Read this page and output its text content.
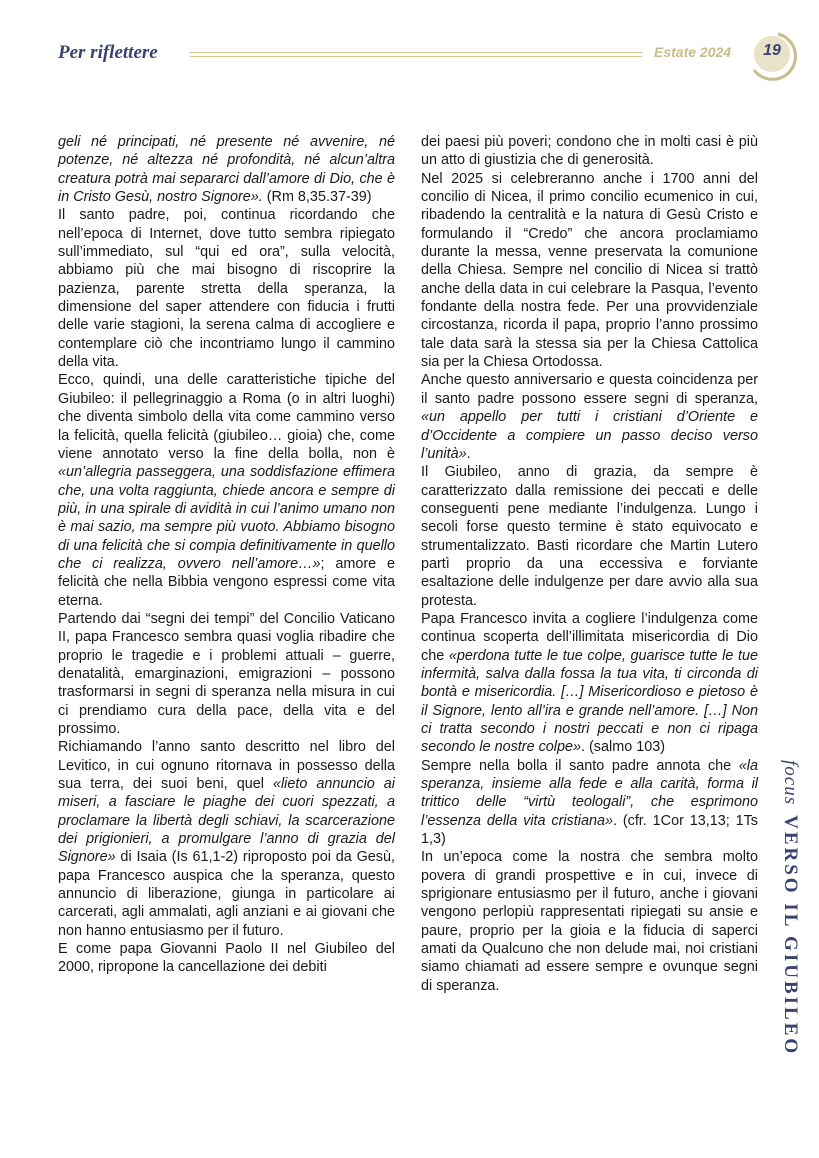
Per riflettere	Estate 2024	19

geli né principati, né presente né avvenire, né potenze, né altezza né profondità, né alcun’altra creatura potrà mai separarci dall’amore di Dio, che è in Cristo Gesù, nostro Signore». (Rm 8,35.37-39)

Il santo padre, poi, continua ricordando che nell’epoca di Internet, dove tutto sembra ripiegato sull’immediato, sul “qui ed ora”, sulla velocità, abbiamo più che mai bisogno di riscoprire la pazienza, parente stretta della speranza, la dimensione del saper attendere con fiducia i frutti delle varie stagioni, la serena calma di accogliere e contemplare ciò che incontriamo lungo il cammino della vita.

Ecco, quindi, una delle caratteristiche tipiche del Giubileo: il pellegrinaggio a Roma (o in altri luoghi) che diventa simbolo della vita come cammino verso la felicità, quella felicità (giubileo… gioia) che, come viene annotato verso la fine della bolla, non è «un’allegria passeggera, una soddisfazione effimera che, una volta raggiunta, chiede ancora e sempre di più, in una spirale di avidità in cui l’animo umano non è mai sazio, ma sempre più vuoto. Abbiamo bisogno di una felicità che si compia definitivamente in quello che ci realizza, ovvero nell’amore…»; amore e felicità che nella Bibbia vengono espressi come vita eterna.

Partendo dai “segni dei tempi” del Concilio Vaticano II, papa Francesco sembra quasi voglia ribadire che proprio le tragedie e i problemi attuali – guerre, denatalità, emarginazioni, emigrazioni – possono trasformarsi in segni di speranza nella misura in cui ci prendiamo cura della pace, della vita e del prossimo.

Richiamando l’anno santo descritto nel libro del Levitico, in cui ognuno ritornava in possesso della sua terra, dei suoi beni, quel «lieto annuncio ai miseri, a fasciare le piaghe dei cuori spezzati, a proclamare la libertà degli schiavi, la scarcerazione dei prigionieri, a promulgare l’anno di grazia del Signore» di Isaia (Is 61,1-2) riproposto poi da Gesù, papa Francesco auspica che la speranza, questo annuncio di liberazione, giunga in particolare ai carcerati, agli ammalati, agli anziani e ai giovani che non hanno entusiasmo per il futuro.

E come papa Giovanni Paolo II nel Giubileo del 2000, ripropone la cancellazione dei debiti

dei paesi più poveri; condono che in molti casi è più un atto di giustizia che di generosità.

Nel 2025 si celebreranno anche i 1700 anni del concilio di Nicea, il primo concilio ecumenico in cui, ribadendo la centralità e la natura di Gesù Cristo e formulando il “Credo” che ancora proclamiamo durante la messa, venne preservata la comunione della Chiesa. Sempre nel concilio di Nicea si trattò anche della data in cui celebrare la Pasqua, l’evento fondante della nostra fede. Per una provvidenziale circostanza, ricorda il papa, proprio l’anno prossimo tale data sarà la stessa sia per la Chiesa Cattolica sia per la Chiesa Ortodossa.

Anche questo anniversario e questa coincidenza per il santo padre possono essere segni di speranza, «un appello per tutti i cristiani d’Oriente e d’Occidente a compiere un passo deciso verso l’unità».

Il Giubileo, anno di grazia, da sempre è caratterizzato dalla remissione dei peccati e delle conseguenti pene mediante l’indulgenza. Lungo i secoli forse questo termine è stato equivocato e strumentalizzato. Basti ricordare che Martin Lutero partì proprio da una eccessiva e forviante esaltazione delle indulgenze per dare avvio alla sua protesta.

Papa Francesco invita a cogliere l’indulgenza come continua scoperta dell’illimitata misericordia di Dio che «perdona tutte le tue colpe, guarisce tutte le tue infermità, salva dalla fossa la tua vita, ti circonda di bontà e misericordia. […] Misericordioso e pietoso è il Signore, lento all’ira e grande nell’amore. […] Non ci tratta secondo i nostri peccati e non ci ripaga secondo le nostre colpe». (salmo 103)

Sempre nella bolla il santo padre annota che «la speranza, insieme alla fede e alla carità, forma il trittico delle “virtù teologali”, che esprimono l’essenza della vita cristiana». (cfr. 1Cor 13,13; 1Ts 1,3)

In un’epoca come la nostra che sembra molto povera di grandi prospettive e in cui, invece di sprigionare entusiasmo per il futuro, anche i giovani vengono perlopiù rappresentati ripiegati su ansie e paure, proprio per la gioia e la fiducia di saperci amati da Qualcuno che non delude mai, noi cristiani siamo chiamati ad essere sempre e ovunque segni di speranza.

focusVERSO IL GIUBILEO
